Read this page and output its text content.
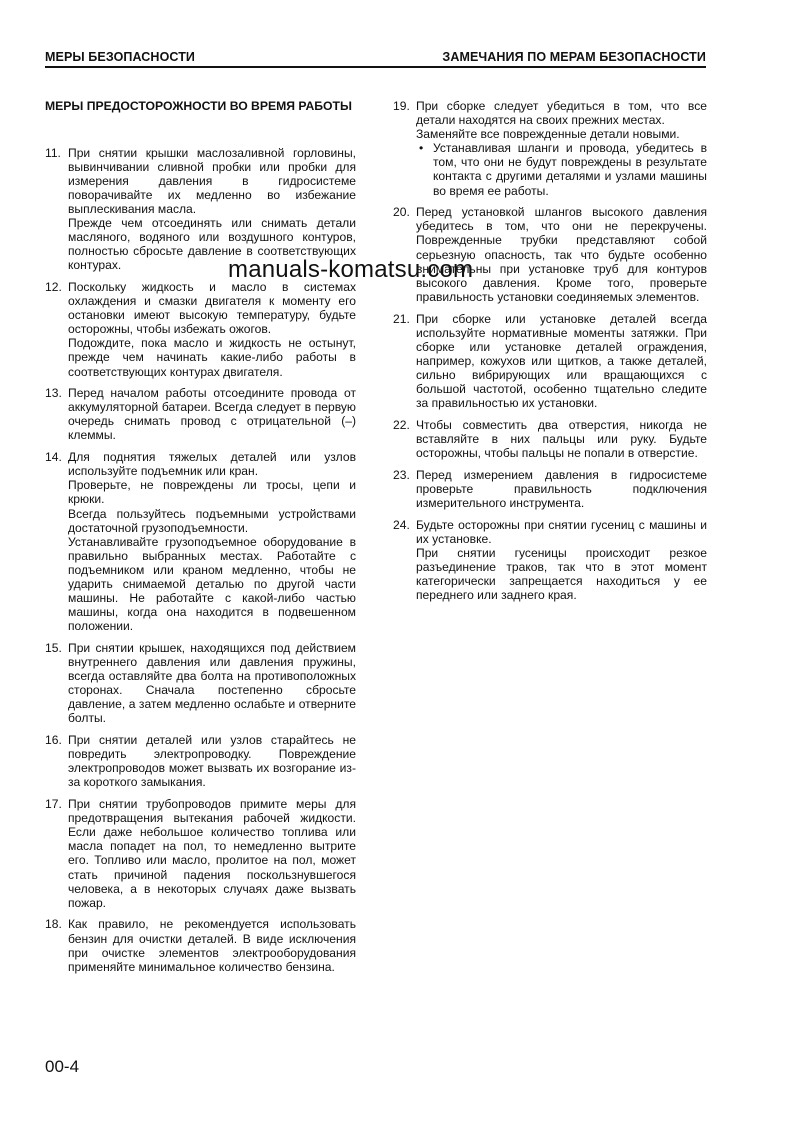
МЕРЫ БЕЗОПАСНОСТИ	ЗАМЕЧАНИЯ ПО МЕРАМ БЕЗОПАСНОСТИ
МЕРЫ ПРЕДОСТОРОЖНОСТИ ВО ВРЕМЯ РАБОТЫ
11. При снятии крышки маслозаливной горловины, вывинчивании сливной пробки или пробки для измерения давления в гидросистеме поворачивайте их медленно во избежание выплескивания масла.

Прежде чем отсоединять или снимать детали масляного, водяного или воздушного контуров, полностью сбросьте давление в соответствующих контурах.

12. Поскольку жидкость и масло в системах охлаждения и смазки двигателя к моменту его остановки имеют высокую температуру, будьте осторожны, чтобы избежать ожогов.

Подождите, пока масло и жидкость не остынут, прежде чем начинать какие-либо работы в соответствующих контурах двигателя.

13. Перед началом работы отсоедините провода от аккумуляторной батареи. Всегда следует в первую очередь снимать провод с отрицательной (–) клеммы.

14. Для поднятия тяжелых деталей или узлов используйте подъемник или кран.

Проверьте, не повреждены ли тросы, цепи и крюки.

Всегда пользуйтесь подъемными устройствами достаточной грузоподъемности.

Устанавливайте грузоподъемное оборудование в правильно выбранных местах. Работайте с подъемником или краном медленно, чтобы не ударить снимаемой деталью по другой части машины. Не работайте с какой-либо частью машины, когда она находится в подвешенном положении.

15. При снятии крышек, находящихся под действием внутреннего давления или давления пружины, всегда оставляйте два болта на противоположных сторонах. Сначала постепенно сбросьте давление, а затем медленно ослабьте и отверните болты.

16. При снятии деталей или узлов старайтесь не повредить электропроводку. Повреждение электропроводов может вызвать их возгорание из-за короткого замыкания.

17. При снятии трубопроводов примите меры для предотвращения вытекания рабочей жидкости. Если даже небольшое количество топлива или масла попадет на пол, то немедленно вытрите его. Топливо или масло, пролитое на пол, может стать причиной падения поскользнувшегося человека, а в некоторых случаях даже вызвать пожар.

18. Как правило, не рекомендуется использовать бензин для очистки деталей. В виде исключения при очистке элементов электрооборудования применяйте минимальное количество бензина.

19. При сборке следует убедиться в том, что все детали находятся на своих прежних местах.

Заменяйте все поврежденные детали новыми.

• Устанавливая шланги и провода, убедитесь в том, что они не будут повреждены в результате контакта с другими деталями и узлами машины во время ее работы.
20. Перед установкой шлангов высокого давления убедитесь в том, что они не перекручены. Поврежденные трубки представляют собой серьезную опасность, так что будьте особенно внимательны при установке труб для контуров высокого давления. Кроме того, проверьте правильность установки соединяемых элементов.

21. При сборке или установке деталей всегда используйте нормативные моменты затяжки. При сборке или установке деталей ограждения, например, кожухов или щитков, а также деталей, сильно вибрирующих или вращающихся с большой частотой, особенно тщательно следите за правильностью их установки.

22. Чтобы совместить два отверстия, никогда не вставляйте в них пальцы или руку. Будьте осторожны, чтобы пальцы не попали в отверстие.

23. Перед измерением давления в гидросистеме проверьте правильность подключения измерительного инструмента.

24. Будьте осторожны при снятии гусениц с машины и их установке.

При снятии гусеницы происходит резкое разъединение траков, так что в этот момент категорически запрещается находиться у ее переднего или заднего края.

manuals-komatsu.com
00-4
